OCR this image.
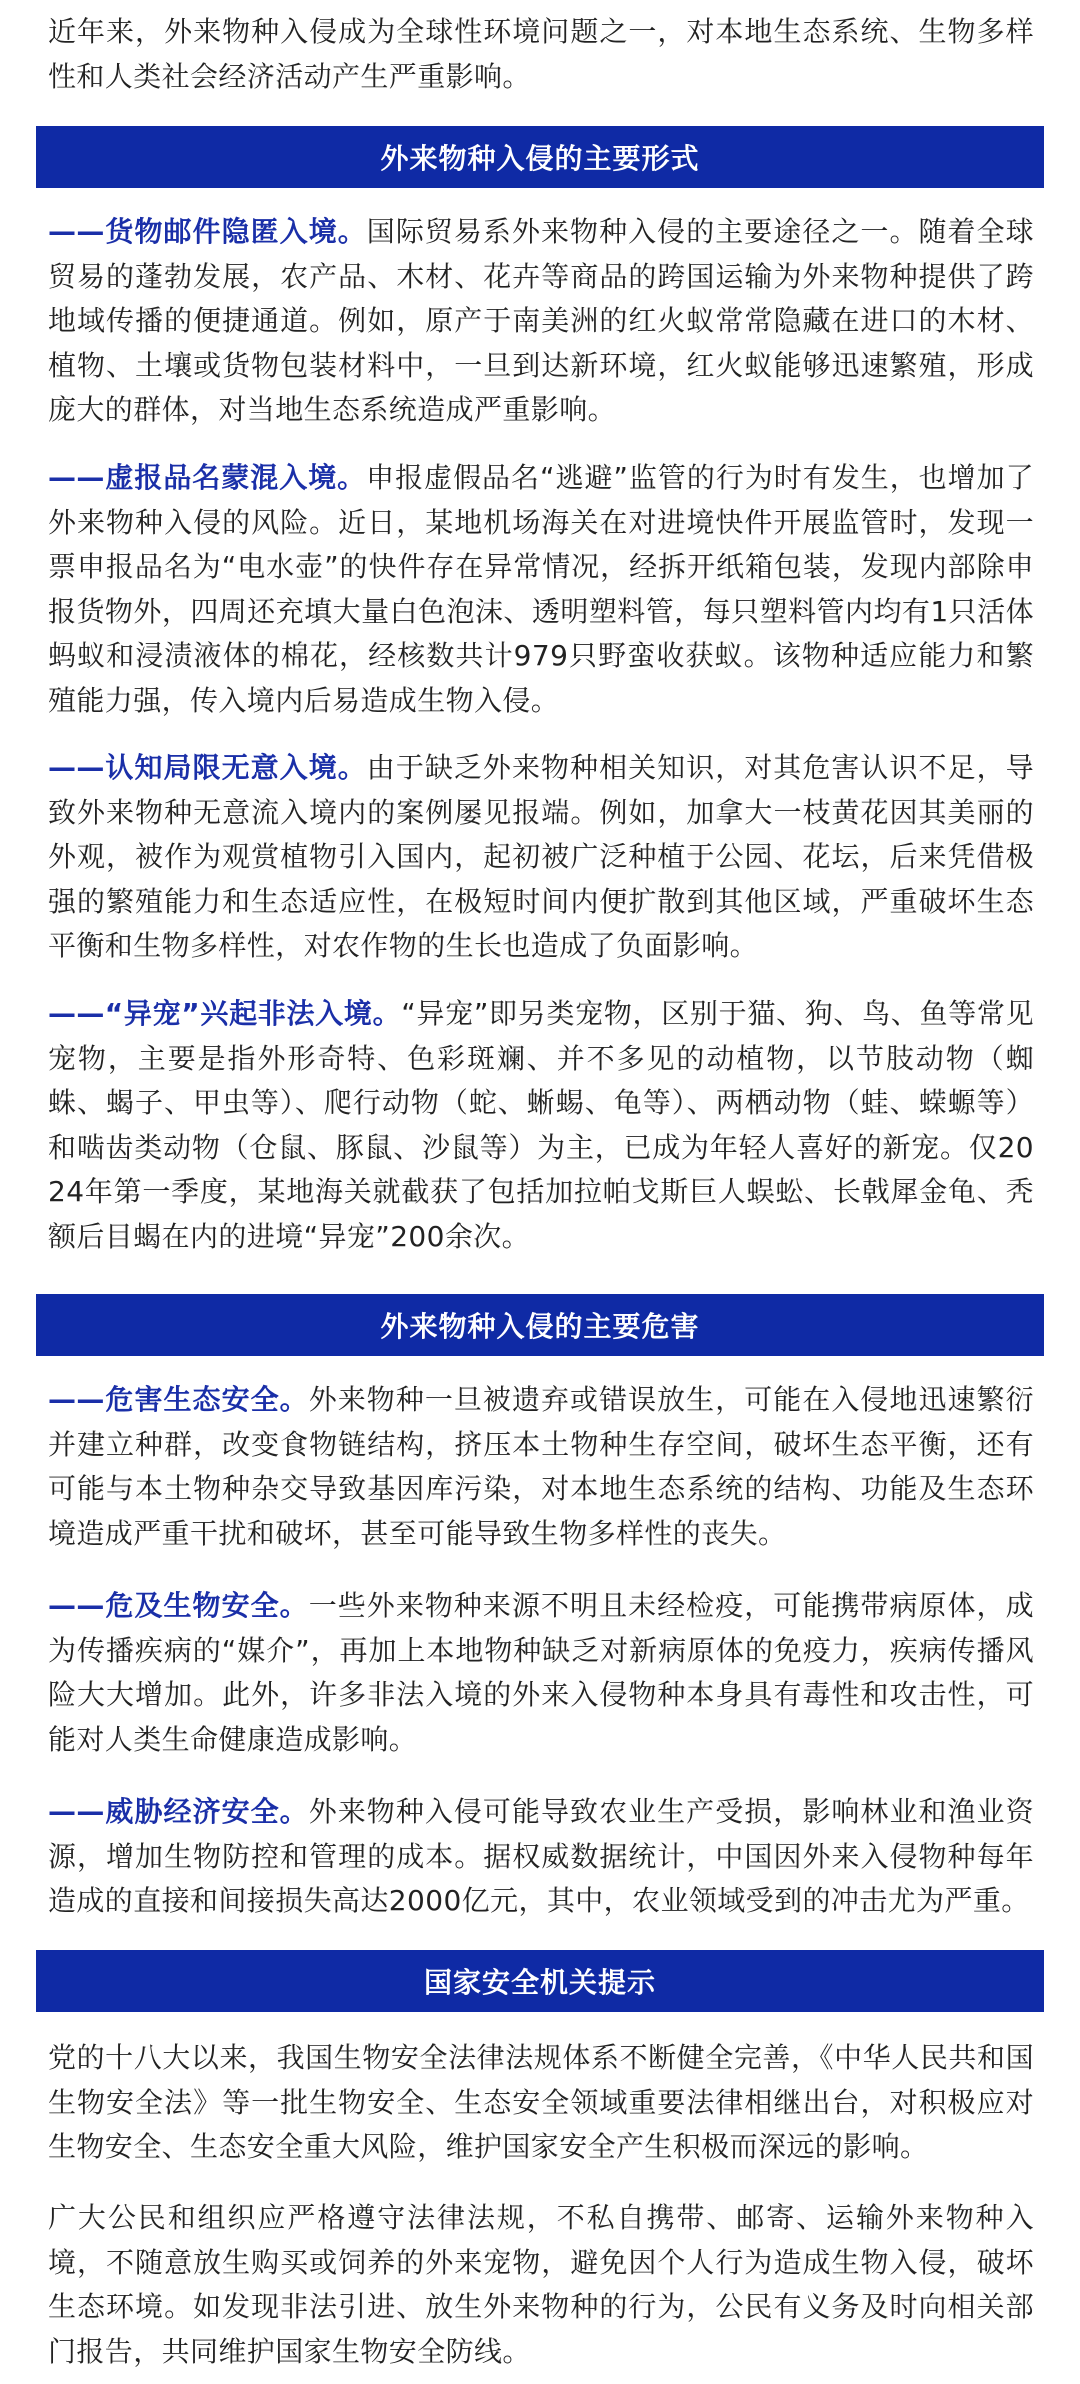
近年来，外来物种入侵成为全球性环境问题之一，对本地生态系统、生物多样性和人类社会经济活动产生严重影响。

外来物种入侵的主要形式

——货物邮件隐匿入境。国际贸易系外来物种入侵的主要途径之一。随着全球贸易的蓬勃发展，农产品、木材、花卉等商品的跨国运输为外来物种提供了跨地域传播的便捷通道。例如，原产于南美洲的红火蚁常常隐藏在进口的木材、植物、土壤或货物包装材料中，一旦到达新环境，红火蚁能够迅速繁殖，形成庞大的群体，对当地生态系统造成严重影响。

——虚报品名蒙混入境。申报虚假品名“逃避”监管的行为时有发生，也增加了外来物种入侵的风险。近日，某地机场海关在对进境快件开展监管时，发现一票申报品名为“电水壶”的快件存在异常情况，经拆开纸箱包装，发现内部除申报货物外，四周还充填大量白色泡沫、透明塑料管，每只塑料管内均有1只活体蚂蚁和浸渍液体的棉花，经核数共计979只野蛮收获蚁。该物种适应能力和繁殖能力强，传入境内后易造成生物入侵。

——认知局限无意入境。由于缺乏外来物种相关知识，对其危害认识不足，导致外来物种无意流入境内的案例屡见报端。例如，加拿大一枝黄花因其美丽的外观，被作为观赏植物引入国内，起初被广泛种植于公园、花坛，后来凭借极强的繁殖能力和生态适应性，在极短时间内便扩散到其他区域，严重破坏生态平衡和生物多样性，对农作物的生长也造成了负面影响。

——“异宠”兴起非法入境。“异宠”即另类宠物，区别于猫、狗、鸟、鱼等常见宠物，主要是指外形奇特、色彩斑斓、并不多见的动植物，以节肢动物（蜘蛛、蝎子、甲虫等）、爬行动物（蛇、蜥蜴、龟等）、两栖动物（蛙、蝾螈等）和啮齿类动物（仓鼠、豚鼠、沙鼠等）为主，已成为年轻人喜好的新宠。仅2024年第一季度，某地海关就截获了包括加拉帕戈斯巨人蜈蚣、长戟犀金龟、秃额后目蝎在内的进境“异宠”200余次。

外来物种入侵的主要危害

——危害生态安全。外来物种一旦被遗弃或错误放生，可能在入侵地迅速繁衍并建立种群，改变食物链结构，挤压本土物种生存空间，破坏生态平衡，还有可能与本土物种杂交导致基因库污染，对本地生态系统的结构、功能及生态环境造成严重干扰和破坏，甚至可能导致生物多样性的丧失。

——危及生物安全。一些外来物种来源不明且未经检疫，可能携带病原体，成为传播疾病的“媒介”，再加上本地物种缺乏对新病原体的免疫力，疾病传播风险大大增加。此外，许多非法入境的外来入侵物种本身具有毒性和攻击性，可能对人类生命健康造成影响。

——威胁经济安全。外来物种入侵可能导致农业生产受损，影响林业和渔业资源，增加生物防控和管理的成本。据权威数据统计，中国因外来入侵物种每年造成的直接和间接损失高达2000亿元，其中，农业领域受到的冲击尤为严重。

国家安全机关提示

党的十八大以来，我国生物安全法律法规体系不断健全完善，《中华人民共和国生物安全法》等一批生物安全、生态安全领域重要法律相继出台，对积极应对生物安全、生态安全重大风险，维护国家安全产生积极而深远的影响。

广大公民和组织应严格遵守法律法规，不私自携带、邮寄、运输外来物种入境，不随意放生购买或饲养的外来宠物，避免因个人行为造成生物入侵，破坏生态环境。如发现非法引进、放生外来物种的行为，公民有义务及时向相关部门报告，共同维护国家生物安全防线。
